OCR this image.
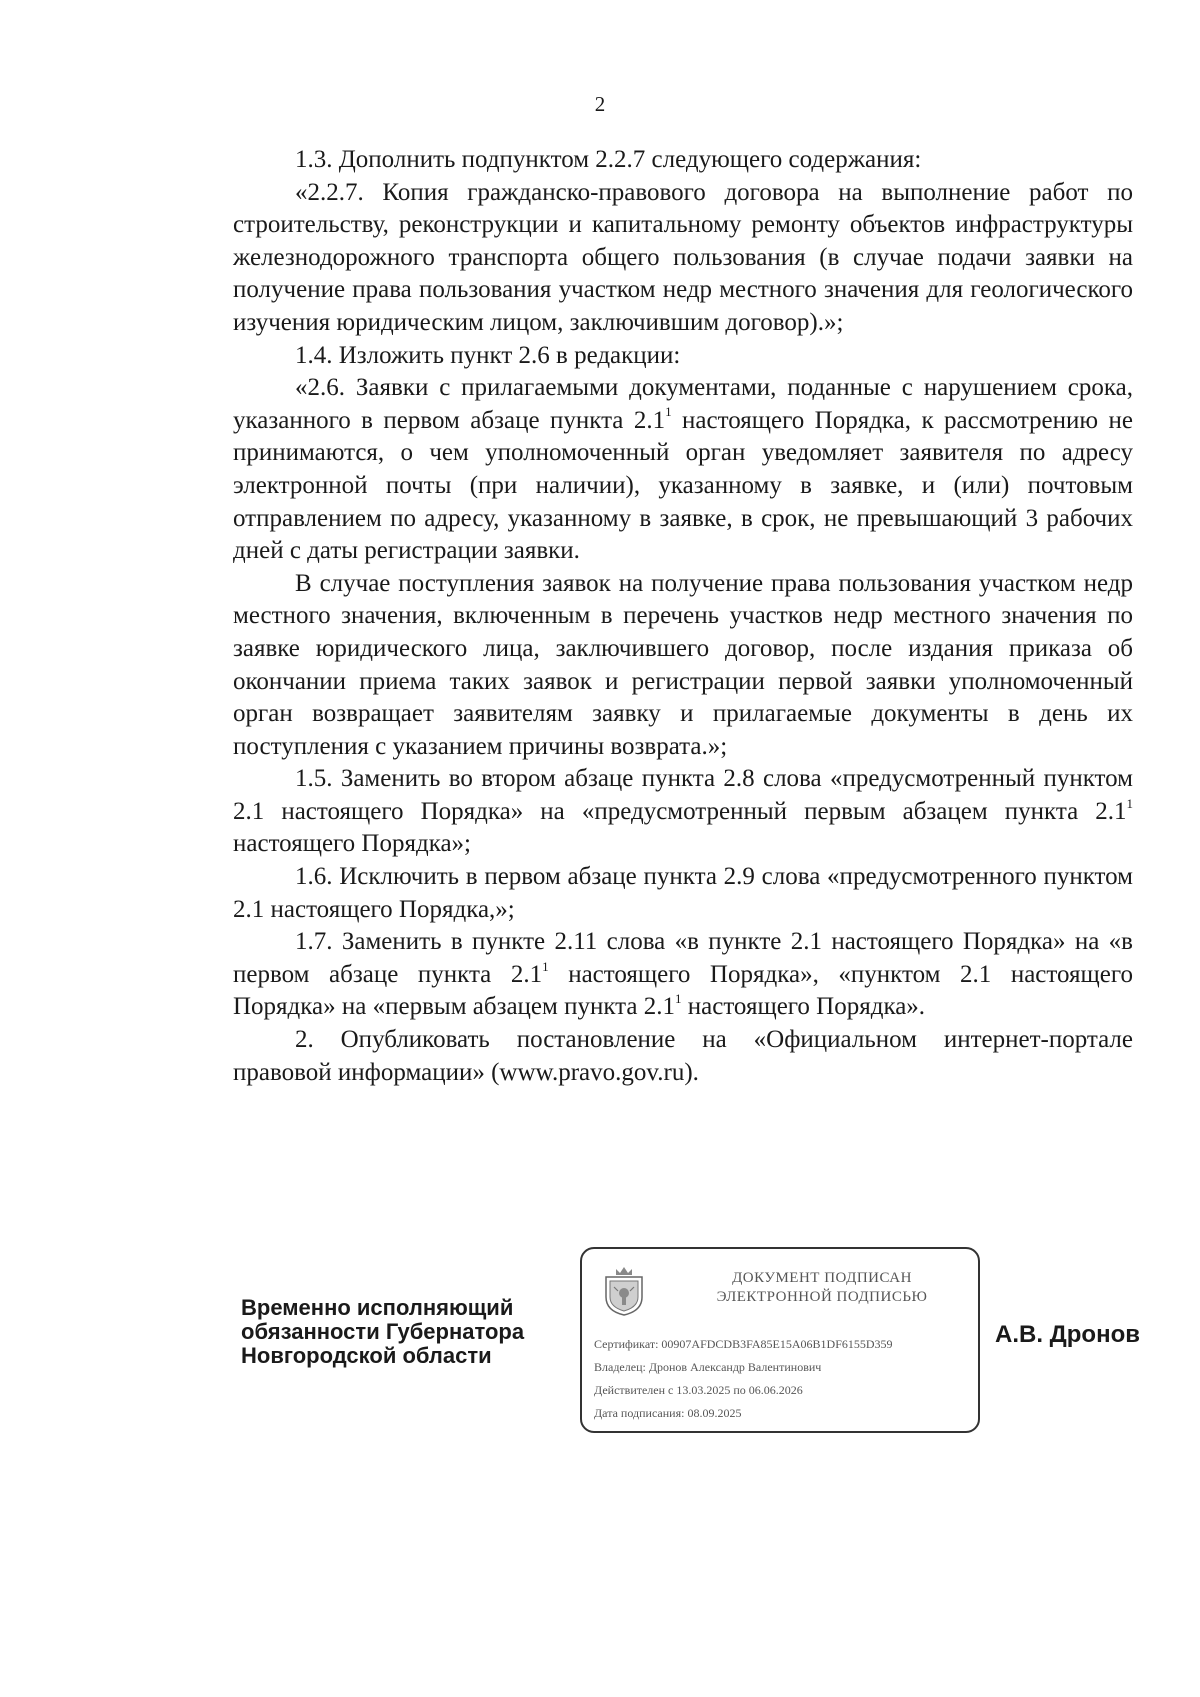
2

1.3. Дополнить подпунктом 2.2.7 следующего содержания:

«2.2.7. Копия гражданско-правового договора на выполнение работ по строительству, реконструкции и капитальному ремонту объектов инфраструктуры железнодорожного транспорта общего пользования (в случае подачи заявки на получение права пользования участком недр местного значения для геологического изучения юридическим лицом, заключившим договор).»;

1.4. Изложить пункт 2.6 в редакции:

«2.6. Заявки с прилагаемыми документами, поданные с нарушением срока, указанного в первом абзаце пункта $2.1^1$ настоящего Порядка, к рассмотрению не принимаются, о чем уполномоченный орган уведомляет заявителя по адресу электронной почты (при наличии), указанному в заявке, и (или) почтовым отправлением по адресу, указанному в заявке, в срок, не превышающий 3 рабочих дней с даты регистрации заявки.

В случае поступления заявок на получение права пользования участком недр местного значения, включенным в перечень участков недр местного значения по заявке юридического лица, заключившего договор, после издания приказа об окончании приема таких заявок и регистрации первой заявки уполномоченный орган возвращает заявителям заявку и прилагаемые документы в день их поступления с указанием причины возврата.»;

1.5. Заменить во втором абзаце пункта 2.8 слова «предусмотренный пунктом 2.1 настоящего Порядка» на «предусмотренный первым абзацем пункта $2.1^1$ настоящего Порядка»;

1.6. Исключить в первом абзаце пункта 2.9 слова «предусмотренного пунктом 2.1 настоящего Порядка,»;

1.7. Заменить в пункте 2.11 слова «в пункте 2.1 настоящего Порядка» на «в первом абзаце пункта $2.1^1$ настоящего Порядка», «пунктом 2.1 настоящего Порядка» на «первым абзацем пункта $2.1^1$ настоящего Порядка».

2. Опубликовать постановление на «Официальном интернет-портале правовой информации» (www.pravo.gov.ru).

Временно исполняющий
обязанности Губернатора
Новгородской области
ДОКУМЕНТ ПОДПИСАН
ЭЛЕКТРОННОЙ ПОДПИСЬЮ
Сертификат: 00907AFDCDB3FA85E15A06B1DF6155D359
Владелец: Дронов Александр Валентинович
Действителен с 13.03.2025 по 06.06.2026
Дата подписания: 08.09.2025
А.В. Дронов
